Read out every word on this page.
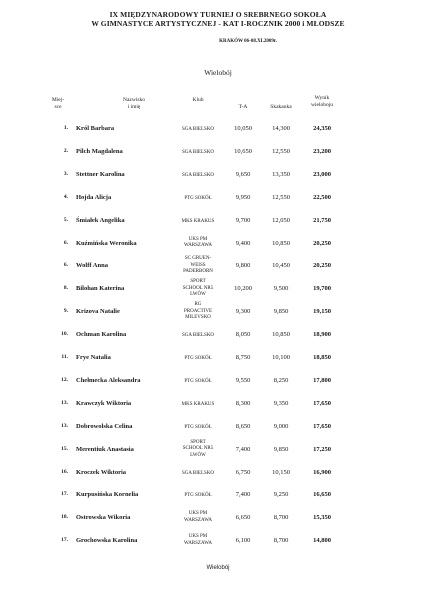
IX MIĘDZYNARODOWY TURNIEJ O SREBRNEGO SOKOŁA
W GIMNASTYCE ARTYSTYCZNEJ - KAT I-ROCZNIK 2000 i MŁODSZE
KRAKÓW 06-08.XI.2009r.
Wielobój
Miej-
sce
Nazwisko
i imię
Klub
T-A	Skakanka
Wynik
wieloboju
1. Król Barbara	SGA BIELSKO	10,050	14,300	24,350
2. Pilch Magdalena	SGA BIELSKO	10,650	12,550	23,200
3. Stettner Karolina	SGA BIELSKO	9,650	13,350	23,000
4. Hojda Alicja	PTG SOKÓŁ	9,950	12,550	22,500
5. Śmiałek Angelika	MKS KRAKUS	9,700	12,050	21,750
6. Kuźmińska Weronika
UKS PM
WARSZAWA	9,400	10,850	20,250
6. Wolff Anna
SC GRUEN-
WEISS
PADERBORN
9,800	10,450	20,250
8. Bilohan Katerina
SPORT
SCHOOL NR5
LWÓW
10,200	9,500	19,700
9. Krizova Natalie
RG
PROACTIVE
MILEVSKO
9,300	9,850	19,150
10. Ochman Karolina	SGA BIELSKO	8,050	10,850	18,900
11. Frye Natalia	PTG SOKÓŁ	8,750	10,100	18,850
12. Chełmecka Aleksandra	PTG SOKÓŁ	9,550	8,250	17,800
13. Krawczyk Wiktoria	MKS KRAKUS	8,300	9,350	17,650
13. Dobrowolska Celina	PTG SOKÓŁ	8,650	9,000	17,650
15. Merentiuk Anastasia
SPORT
SCHOOL NR5
LWÓW
7,400	9,850	17,250
16. Kroczek Wiktoria	SGA BIELSKO	6,750	10,150	16,900
17. Kurpusińska Kornelia	PTG SOKÓŁ	7,400	9,250	16,650
18. Ostrowska Wikoria
UKS PM
WARSZAWA	6,650	8,700	15,350
17. Grochowska Karolina
UKS PM
WARSZAWA	6,100	8,700	14,800
Wielobój
